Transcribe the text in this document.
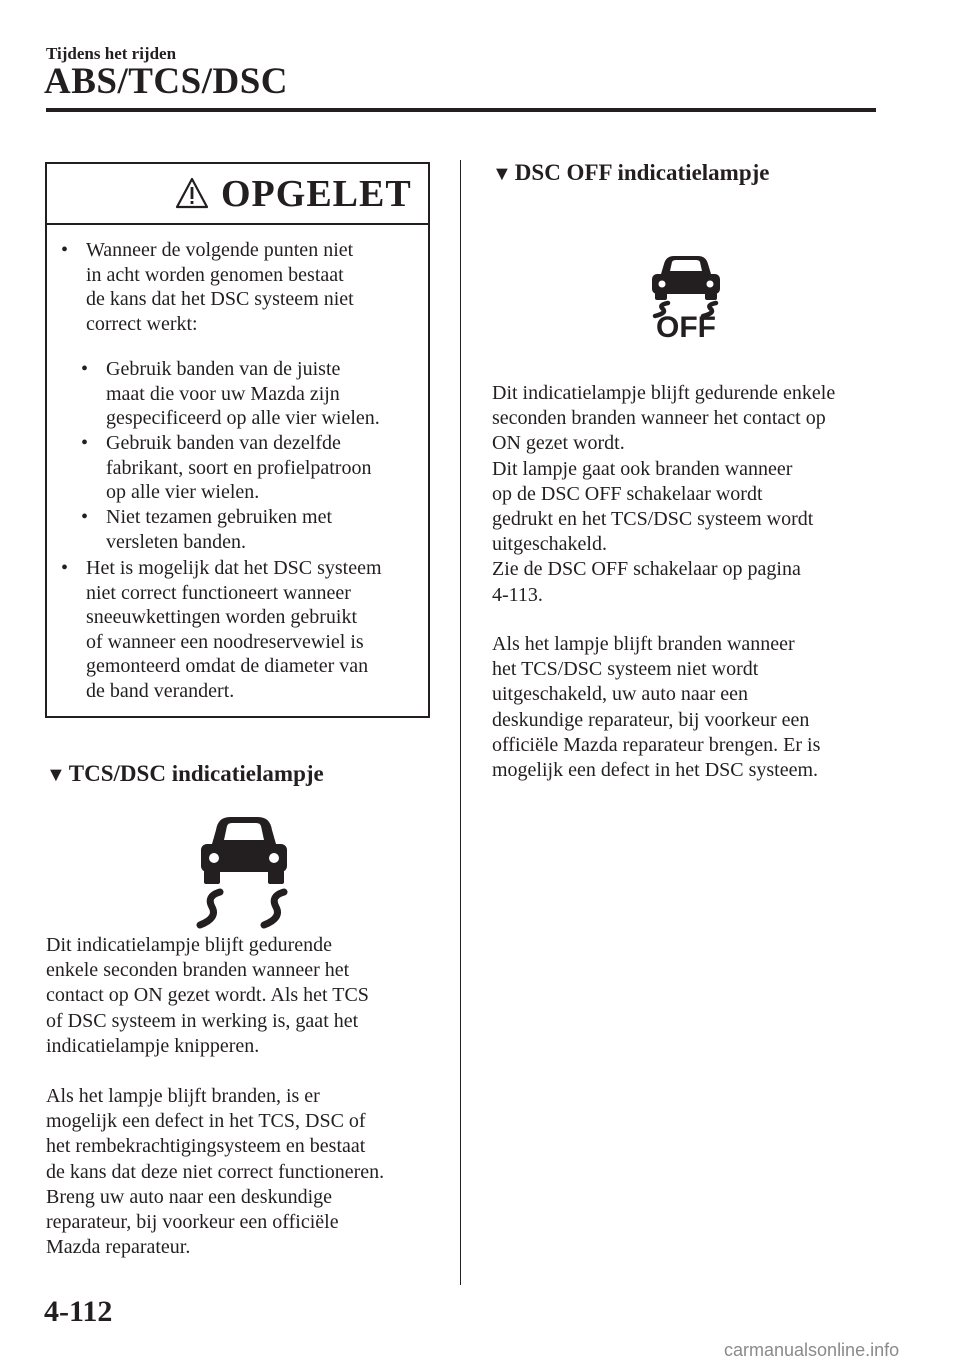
Tijdens het rijden
ABS/TCS/DSC
OPGELET
• Wanneer de volgende punten niet
in acht worden genomen bestaat
de kans dat het DSC systeem niet
correct werkt:
• Gebruik banden van de juiste
maat die voor uw Mazda zijn
gespecificeerd op alle vier wielen.
• Gebruik banden van dezelfde
fabrikant, soort en profielpatroon
op alle vier wielen.
• Niet tezamen gebruiken met
versleten banden.
• Het is mogelijk dat het DSC systeem
niet correct functioneert wanneer
sneeuwkettingen worden gebruikt
of wanneer een noodreservewiel is
gemonteerd omdat de diameter van
de band verandert.
▼ TCS/DSC indicatielampje
Dit indicatielampje blijft gedurende
enkele seconden branden wanneer het
contact op ON gezet wordt. Als het TCS
of DSC systeem in werking is, gaat het
indicatielampje knipperen.
Als het lampje blijft branden, is er
mogelijk een defect in het TCS, DSC of
het rembekrachtigingsysteem en bestaat
de kans dat deze niet correct functioneren.
Breng uw auto naar een deskundige
reparateur, bij voorkeur een officiële
Mazda reparateur.
▼ DSC OFF indicatielampje
OFF
Dit indicatielampje blijft gedurende enkele
seconden branden wanneer het contact op
ON gezet wordt.
Dit lampje gaat ook branden wanneer
op de DSC OFF schakelaar wordt
gedrukt en het TCS/DSC systeem wordt
uitgeschakeld.
Zie de DSC OFF schakelaar op pagina
4-113.
Als het lampje blijft branden wanneer
het TCS/DSC systeem niet wordt
uitgeschakeld, uw auto naar een
deskundige reparateur, bij voorkeur een
officiële Mazda reparateur brengen. Er is
mogelijk een defect in het DSC systeem.
4-112
carmanualsonline.info
